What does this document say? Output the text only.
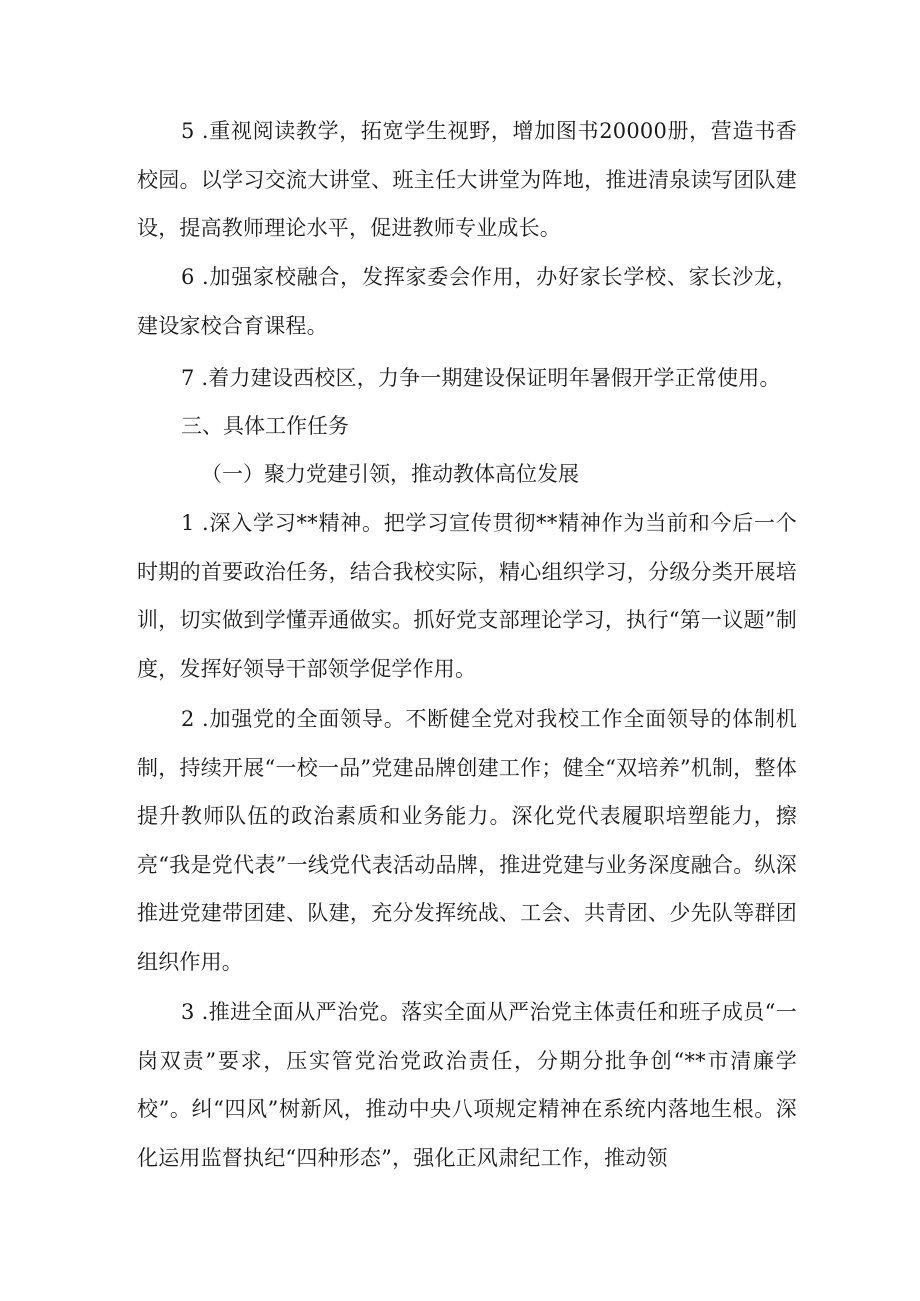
5 .重视阅读教学，拓宽学生视野，增加图书20000册，营造书香校园。以学习交流大讲堂、班主任大讲堂为阵地，推进清泉读写团队建设，提高教师理论水平，促进教师专业成长。

6 .加强家校融合，发挥家委会作用，办好家长学校、家长沙龙，建设家校合育课程。

7 .着力建设西校区，力争一期建设保证明年暑假开学正常使用。

三、具体工作任务

（一）聚力党建引领，推动教体高位发展

1 .深入学习**精神。把学习宣传贯彻**精神作为当前和今后一个时期的首要政治任务，结合我校实际，精心组织学习，分级分类开展培训，切实做到学懂弄通做实。抓好党支部理论学习，执行“第一议题”制度，发挥好领导干部领学促学作用。

2 .加强党的全面领导。不断健全党对我校工作全面领导的体制机制，持续开展“一校一品”党建品牌创建工作；健全“双培养”机制，整体提升教师队伍的政治素质和业务能力。深化党代表履职培塑能力，擦亮“我是党代表”一线党代表活动品牌，推进党建与业务深度融合。纵深推进党建带团建、队建，充分发挥统战、工会、共青团、少先队等群团组织作用。

3 .推进全面从严治党。落实全面从严治党主体责任和班子成员“一岗双责”要求，压实管党治党政治责任，分期分批争创“**市清廉学校”。纠“四风”树新风，推动中央八项规定精神在系统内落地生根。深化运用监督执纪“四种形态”，强化正风肃纪工作，推动领
